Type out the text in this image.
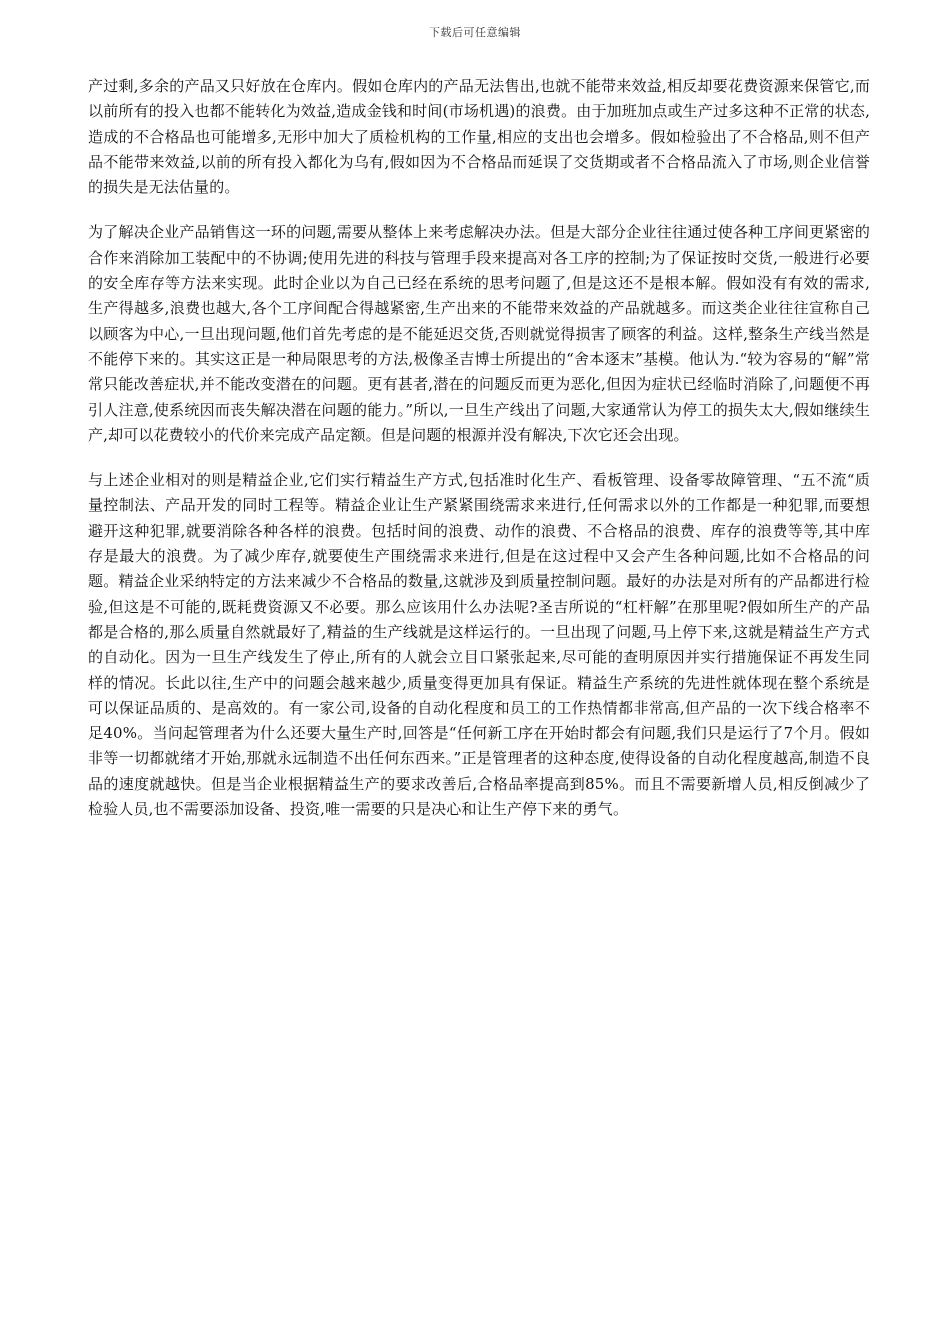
下载后可任意编辑

产过剩,多余的产品又只好放在仓库内。假如仓库内的产品无法售出,也就不能带来效益,相反却要花费资源来保管它,而以前所有的投入也都不能转化为效益,造成金钱和时间(市场机遇)的浪费。由于加班加点或生产过多这种不正常的状态,造成的不合格品也可能增多,无形中加大了质检机构的工作量,相应的支出也会增多。假如检验出了不合格品,则不但产品不能带来效益,以前的所有投入都化为乌有,假如因为不合格品而延误了交货期或者不合格品流入了市场,则企业信誉的损失是无法估量的。

为了解决企业产品销售这一环的问题,需要从整体上来考虑解决办法。但是大部分企业往往通过使各种工序间更紧密的合作来消除加工装配中的不协调;使用先进的科技与管理手段来提高对各工序的控制;为了保证按时交货,一般进行必要的安全库存等方法来实现。此时企业以为自己已经在系统的思考问题了,但是这还不是根本解。假如没有有效的需求,生产得越多,浪费也越大,各个工序间配合得越紧密,生产出来的不能带来效益的产品就越多。而这类企业往往宣称自己以顾客为中心,一旦出现问题,他们首先考虑的是不能延迟交货,否则就觉得损害了顾客的利益。这样,整条生产线当然是不能停下来的。其实这正是一种局限思考的方法,极像圣吉博士所提出的“舍本逐末”基模。他认为.“较为容易的“解”常常只能改善症状,并不能改变潜在的问题。更有甚者,潜在的问题反而更为恶化,但因为症状已经临时消除了,问题便不再引人注意,使系统因而丧失解决潜在问题的能力。”所以,一旦生产线出了问题,大家通常认为停工的损失太大,假如继续生产,却可以花费较小的代价来完成产品定额。但是问题的根源并没有解决,下次它还会出现。

与上述企业相对的则是精益企业,它们实行精益生产方式,包括准时化生产、看板管理、设备零故障管理、“五不流“质量控制法、产品开发的同时工程等。精益企业让生产紧紧围绕需求来进行,任何需求以外的工作都是一种犯罪,而要想避开这种犯罪,就要消除各种各样的浪费。包括时间的浪费、动作的浪费、不合格品的浪费、库存的浪费等等,其中库存是最大的浪费。为了减少库存,就要使生产围绕需求来进行,但是在这过程中又会产生各种问题,比如不合格品的问题。精益企业采纳特定的方法来减少不合格品的数量,这就涉及到质量控制问题。最好的办法是对所有的产品都进行检验,但这是不可能的,既耗费资源又不必要。那么应该用什么办法呢?圣吉所说的“杠杆解”在那里呢?假如所生产的产品都是合格的,那么质量自然就最好了,精益的生产线就是这样运行的。一旦出现了问题,马上停下来,这就是精益生产方式的自动化。因为一旦生产线发生了停止,所有的人就会立目口紧张起来,尽可能的查明原因并实行措施保证不再发生同样的情况。长此以往,生产中的问题会越来越少,质量变得更加具有保证。精益生产系统的先进性就体现在整个系统是可以保证品质的、是高效的。有一家公司,设备的自动化程度和员工的工作热情都非常高,但产品的一次下线合格率不足40%。当问起管理者为什么还要大量生产时,回答是“任何新工序在开始时都会有问题,我们只是运行了7个月。假如非等一切都就绪才开始,那就永远制造不出任何东西来。”正是管理者的这种态度,使得设备的自动化程度越高,制造不良品的速度就越快。但是当企业根据精益生产的要求改善后,合格品率提高到85%。而且不需要新增人员,相反倒减少了检验人员,也不需要添加设备、投资,唯一需要的只是决心和让生产停下来的勇气。
